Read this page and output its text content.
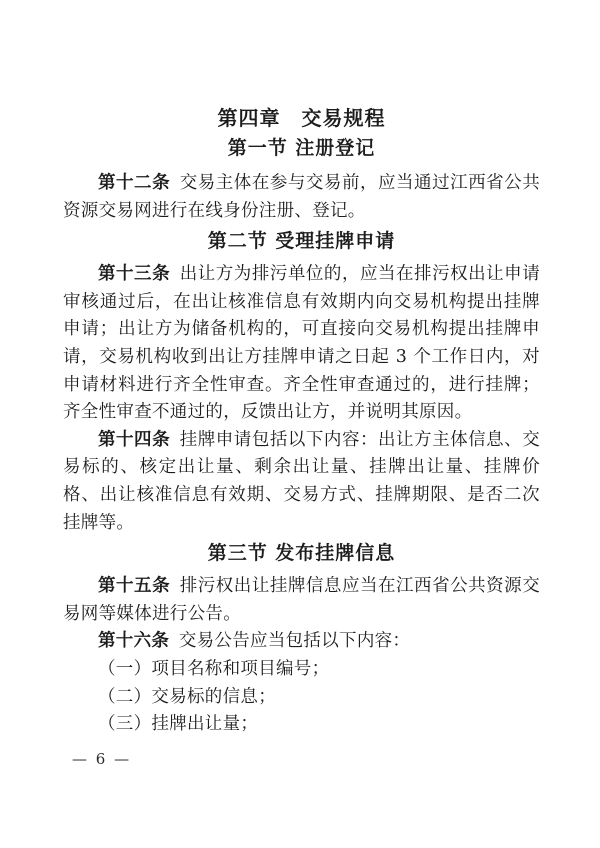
第四章　交易规程
第一节 注册登记

第十二条 交易主体在参与交易前，应当通过江西省公共资源交易网进行在线身份注册、登记。

第二节 受理挂牌申请

第十三条 出让方为排污单位的，应当在排污权出让申请审核通过后，在出让核准信息有效期内向交易机构提出挂牌申请；出让方为储备机构的，可直接向交易机构提出挂牌申请，交易机构收到出让方挂牌申请之日起 3 个工作日内，对申请材料进行齐全性审查。齐全性审查通过的，进行挂牌；齐全性审查不通过的，反馈出让方，并说明其原因。

第十四条 挂牌申请包括以下内容：出让方主体信息、交易标的、核定出让量、剩余出让量、挂牌出让量、挂牌价格、出让核准信息有效期、交易方式、挂牌期限、是否二次挂牌等。

第三节 发布挂牌信息

第十五条 排污权出让挂牌信息应当在江西省公共资源交易网等媒体进行公告。

第十六条 交易公告应当包括以下内容：

（一）项目名称和项目编号；

（二）交易标的信息；

（三）挂牌出让量；

— 6 —
